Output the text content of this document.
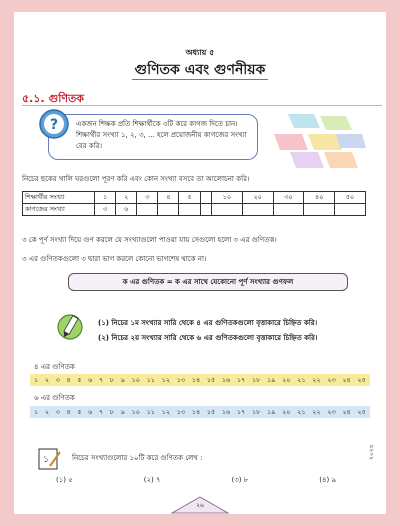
অধ্যায় ৫
গুণিতক এবং গুণনীয়ক
৫.১. গুণিতক
?	একজন শিক্ষক প্রতি শিক্ষার্থীকে ৩টি করে কাগজ দিতে চান। শিক্ষার্থীর সংখ্যা ১, ২, ৩, ... হলে প্রয়োজনীয় কাগজের সংখ্যা বের করি।
নিচের ছকের খালি ঘরগুলো পূরণ করি এবং কোন সংখ্যা বসবে তা আলোচনা করি।
শিক্ষার্থীর সংখ্যা	১	২	৩	৪	৫		১০	২০	৩০	৪০	৫০
কাগজের সংখ্যা	৩	৬									
৩ কে পূর্ণ সংখ্যা দিয়ে গুণ করলে যে সংখ্যাগুলো পাওয়া যায় সেগুলো হলো ৩ এর গুণিতক।
৩ এর গুণিতকগুলো ৩ দ্বারা ভাগ করলে কোনো ভাগশেষ থাকে না।
ক এর গুণিতক = ক এর সাথে যেকোনো পূর্ণ সংখ্যার গুণফল
(১) নিচের ১ম সংখ্যার সারি থেকে ৪ এর গুণিতকগুলো বৃত্তাকারে চিহ্নিত করি।
(২) নিচের ২য় সংখ্যার সারি থেকে ৬ এর গুণিতকগুলো বৃত্তাকারে চিহ্নিত করি।
৪ এর গুণিতক
১ ২ ৩ ৪ ৫ ৬ ৭ ৮ ৯ ১০ ১১ ১২ ১৩ ১৪ ১৫ ১৬ ১৭ ১৮ ১৯ ২০ ২১ ২২ ২৩ ২৪ ২৫
৬ এর গুণিতক
১ ২ ৩ ৪ ৫ ৬ ৭ ৮ ৯ ১০ ১১ ১২ ১৩ ১৪ ১৫ ১৬ ১৭ ১৮ ১৯ ২০ ২১ ২২ ২৩ ২৪ ২৫
১	নিচের সংখ্যাগুলোর ১০টি করে গুণিতক লেখ :
(১) ৫	(২) ৭	(৩) ৮	(৪) ৯
২৬
২০২৪
